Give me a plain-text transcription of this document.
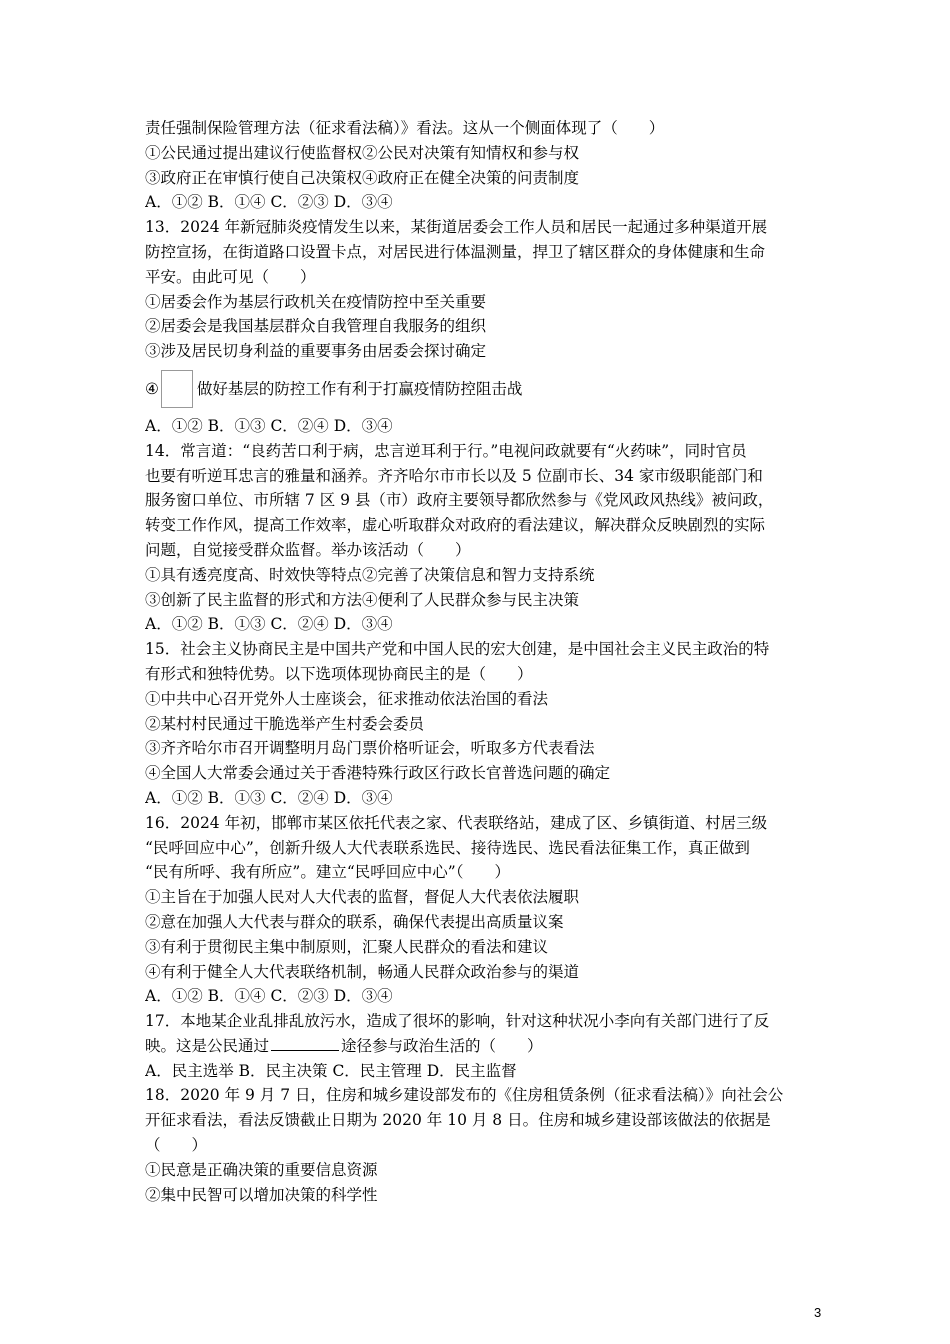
责任强制保险管理方法（征求看法稿）》看法。这从一个侧面体现了（　　）
①公民通过提出建议行使监督权②公民对决策有知情权和参与权
③政府正在审慎行使自己决策权④政府正在健全决策的问责制度
A．①② B．①④ C．②③ D．③④
13．2024 年新冠肺炎疫情发生以来，某街道居委会工作人员和居民一起通过多种渠道开展
防控宣扬，在街道路口设置卡点，对居民进行体温测量，捍卫了辖区群众的身体健康和生命
平安。由此可见（　　）
①居委会作为基层行政机关在疫情防控中至关重要
②居委会是我国基层群众自我管理自我服务的组织
③涉及居民切身利益的重要事务由居委会探讨确定
④ 做好基层的防控工作有利于打赢疫情防控阻击战
A．①② B．①③ C．②④ D．③④
14．常言道：“良药苦口利于病，忠言逆耳利于行。”电视问政就要有“火药味”，同时官员
也要有听逆耳忠言的雅量和涵养。齐齐哈尔市市长以及 5 位副市长、34 家市级职能部门和
服务窗口单位、市所辖 7 区 9 县（市）政府主要领导都欣然参与《党风政风热线》被问政，
转变工作作风，提高工作效率，虚心听取群众对政府的看法建议，解决群众反映剧烈的实际
问题，自觉接受群众监督。举办该活动（　　）
①具有透亮度高、时效快等特点②完善了决策信息和智力支持系统
③创新了民主监督的形式和方法④便利了人民群众参与民主决策
A．①② B．①③ C．②④ D．③④
15．社会主义协商民主是中国共产党和中国人民的宏大创建，是中国社会主义民主政治的特
有形式和独特优势。以下选项体现协商民主的是（　　）
①中共中心召开党外人士座谈会，征求推动依法治国的看法
②某村村民通过干脆选举产生村委会委员
③齐齐哈尔市召开调整明月岛门票价格听证会，听取多方代表看法
④全国人大常委会通过关于香港特殊行政区行政长官普选问题的确定
A．①② B．①③ C．②④ D．③④
16．2024 年初，邯郸市某区依托代表之家、代表联络站，建成了区、乡镇街道、村居三级
“民呼回应中心”，创新升级人大代表联系选民、接待选民、选民看法征集工作，真正做到
“民有所呼、我有所应”。建立“民呼回应中心”（　　）
①主旨在于加强人民对人大代表的监督，督促人大代表依法履职
②意在加强人大代表与群众的联系，确保代表提出高质量议案
③有利于贯彻民主集中制原则，汇聚人民群众的看法和建议
④有利于健全人大代表联络机制，畅通人民群众政治参与的渠道
A．①② B．①④ C．②③ D．③④
17．本地某企业乱排乱放污水，造成了很坏的影响，针对这种状况小李向有关部门进行了反
映。这是公民通过	途径参与政治生活的（　　）
A．民主选举 B．民主决策 C．民主管理 D．民主监督
18．2020 年 9 月 7 日，住房和城乡建设部发布的《住房租赁条例（征求看法稿）》向社会公
开征求看法，看法反馈截止日期为 2020 年 10 月 8 日。住房和城乡建设部该做法的依据是
（　　）
①民意是正确决策的重要信息资源
②集中民智可以增加决策的科学性
3
